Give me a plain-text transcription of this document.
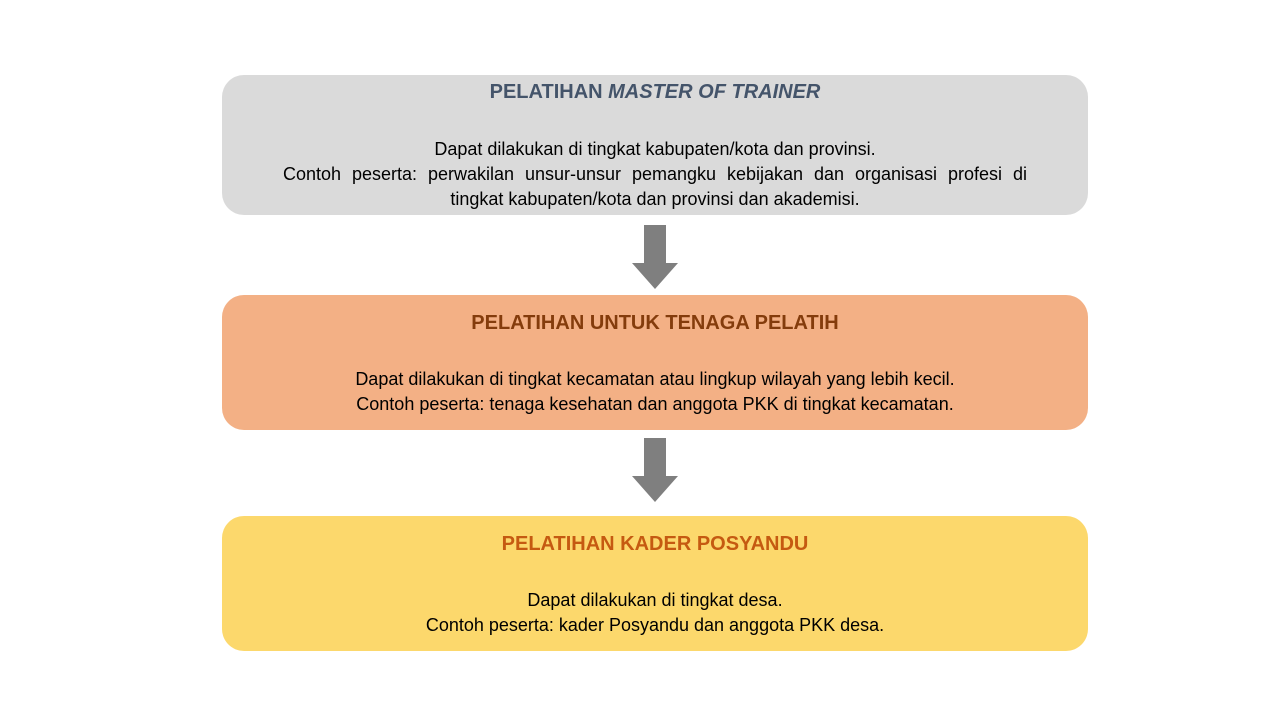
PELATIHAN MASTER OF TRAINER
Dapat dilakukan di tingkat kabupaten/kota dan provinsi.
Contoh peserta: perwakilan unsur-unsur pemangku kebijakan dan organisasi profesi di
tingkat kabupaten/kota dan provinsi dan akademisi.
PELATIHAN UNTUK TENAGA PELATIH
Dapat dilakukan di tingkat kecamatan atau lingkup wilayah yang lebih kecil.
Contoh peserta: tenaga kesehatan dan anggota PKK di tingkat kecamatan.
PELATIHAN KADER POSYANDU
Dapat dilakukan di tingkat desa.
Contoh peserta: kader Posyandu dan anggota PKK desa.
